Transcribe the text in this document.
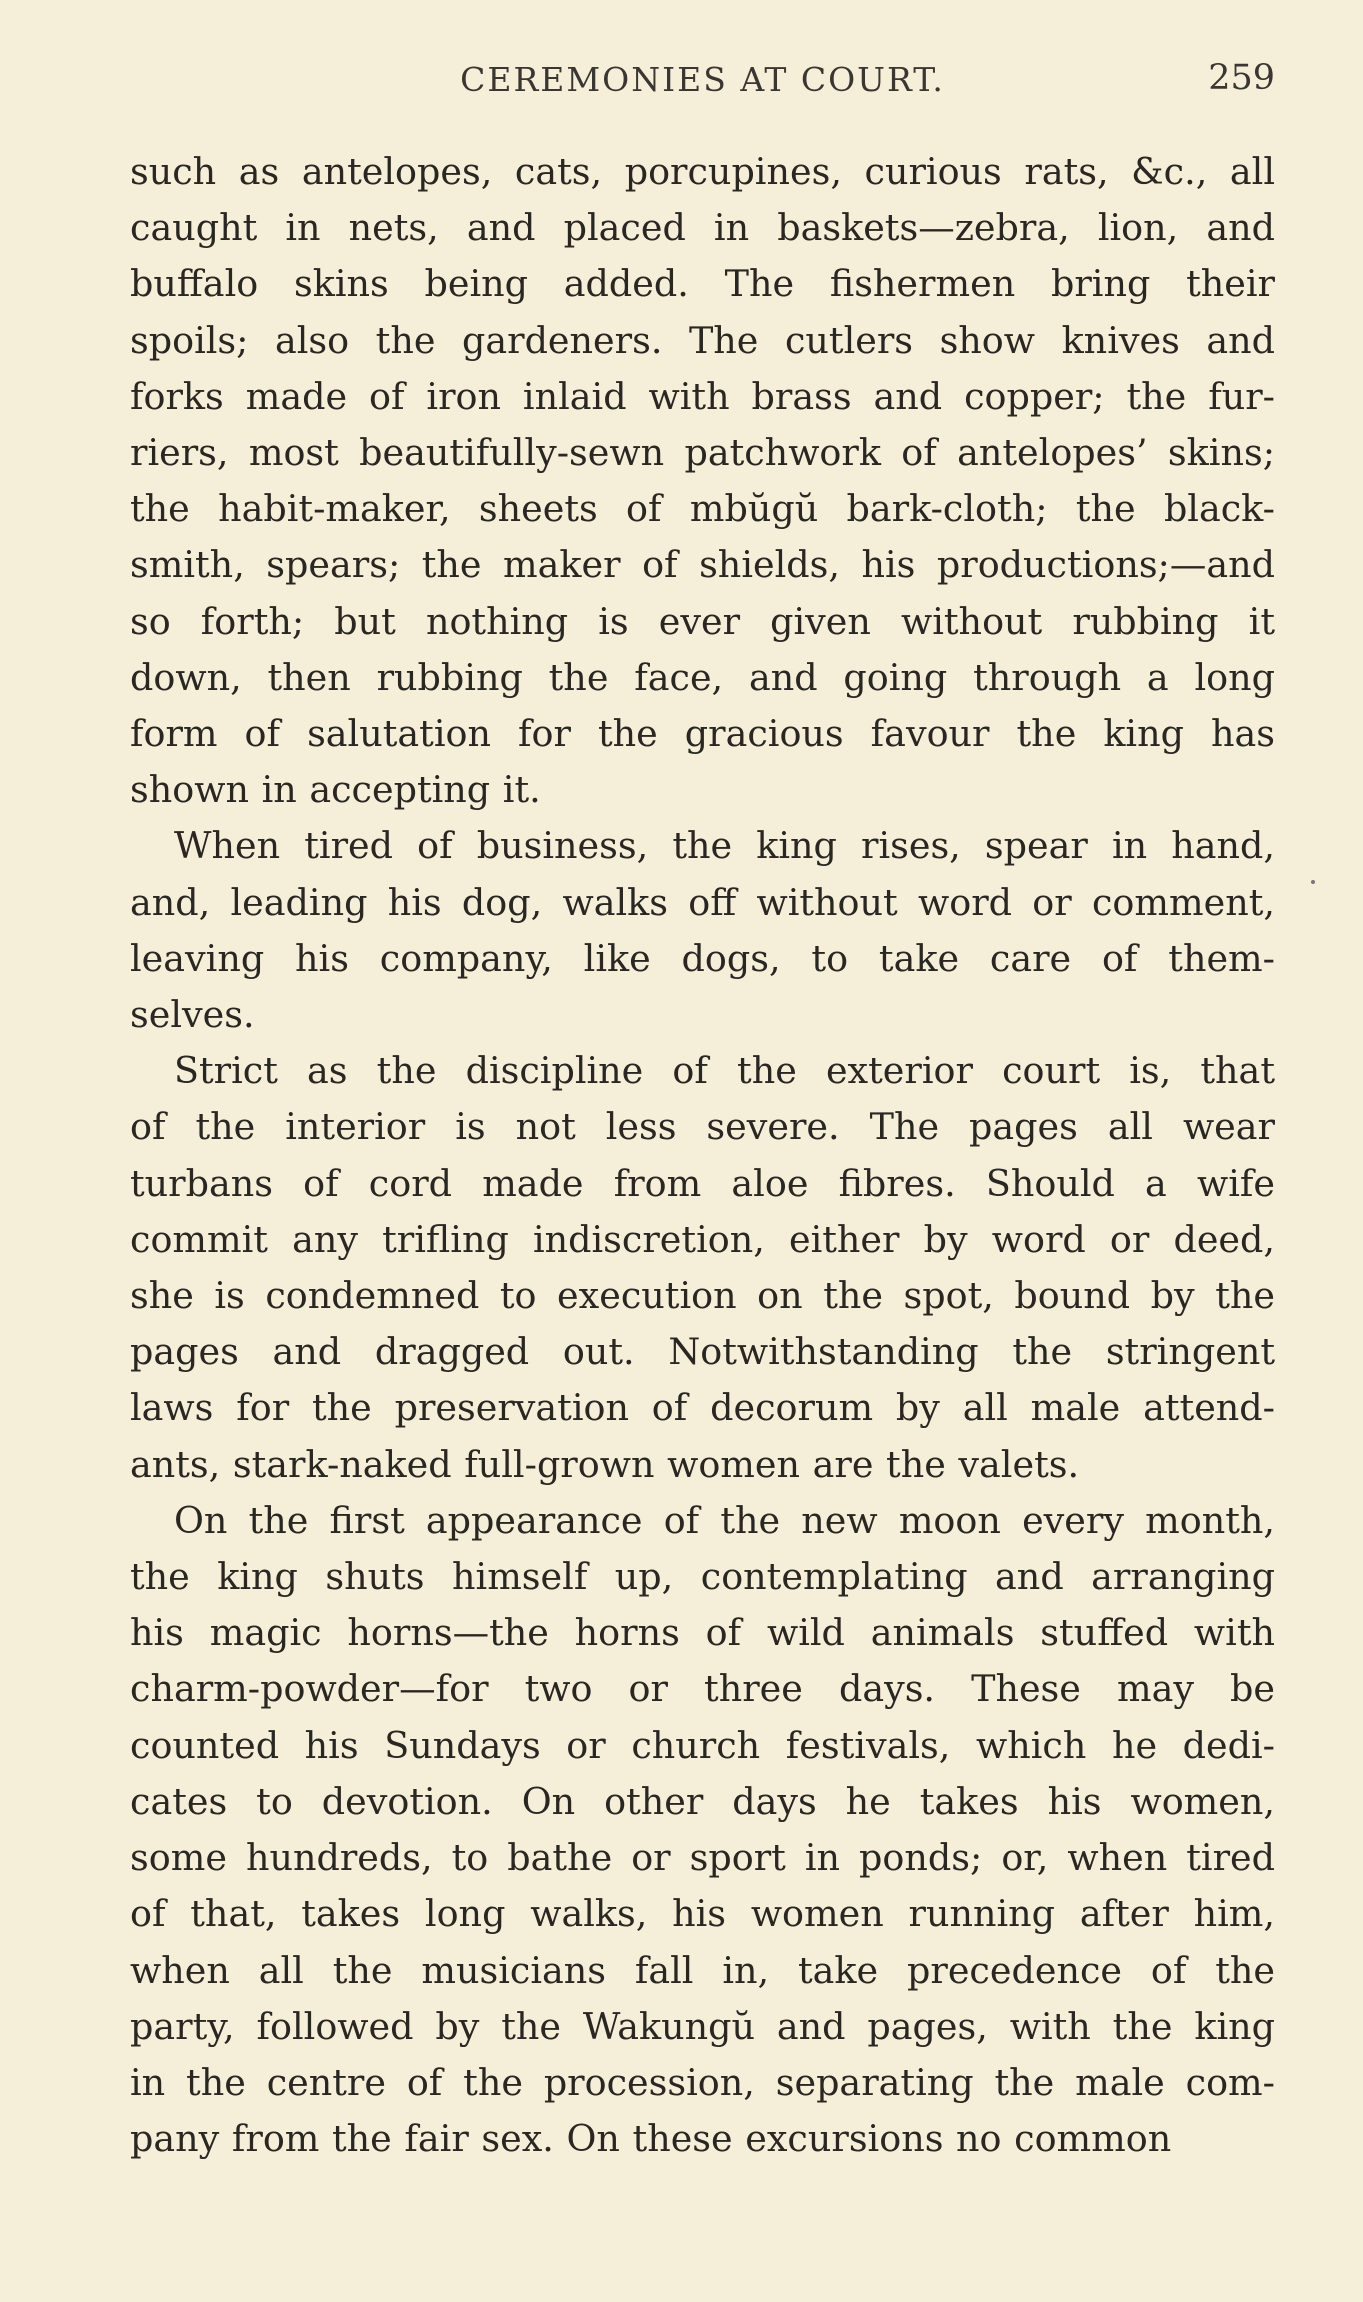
CEREMONIES AT COURT.	259
such as antelopes, cats, porcupines, curious rats, &c., all
caught in nets, and placed in baskets—zebra, lion, and
buffalo skins being added. The fishermen bring their
spoils; also the gardeners. The cutlers show knives and
forks made of iron inlaid with brass and copper; the fur-
riers, most beautifully-sewn patchwork of antelopes’ skins;
the habit-maker, sheets of mbŭgŭ bark-cloth; the black-
smith, spears; the maker of shields, his productions;—and
so forth; but nothing is ever given without rubbing it
down, then rubbing the face, and going through a long
form of salutation for the gracious favour the king has
shown in accepting it.
When tired of business, the king rises, spear in hand,
and, leading his dog, walks off without word or comment,
leaving his company, like dogs, to take care of them-
selves.
Strict as the discipline of the exterior court is, that
of the interior is not less severe. The pages all wear
turbans of cord made from aloe fibres. Should a wife
commit any trifling indiscretion, either by word or deed,
she is condemned to execution on the spot, bound by the
pages and dragged out. Notwithstanding the stringent
laws for the preservation of decorum by all male attend-
ants, stark-naked full-grown women are the valets.
On the first appearance of the new moon every month,
the king shuts himself up, contemplating and arranging
his magic horns—the horns of wild animals stuffed with
charm-powder—for two or three days. These may be
counted his Sundays or church festivals, which he dedi-
cates to devotion. On other days he takes his women,
some hundreds, to bathe or sport in ponds; or, when tired
of that, takes long walks, his women running after him,
when all the musicians fall in, take precedence of the
party, followed by the Wakungŭ and pages, with the king
in the centre of the procession, separating the male com-
pany from the fair sex. On these excursions no common
